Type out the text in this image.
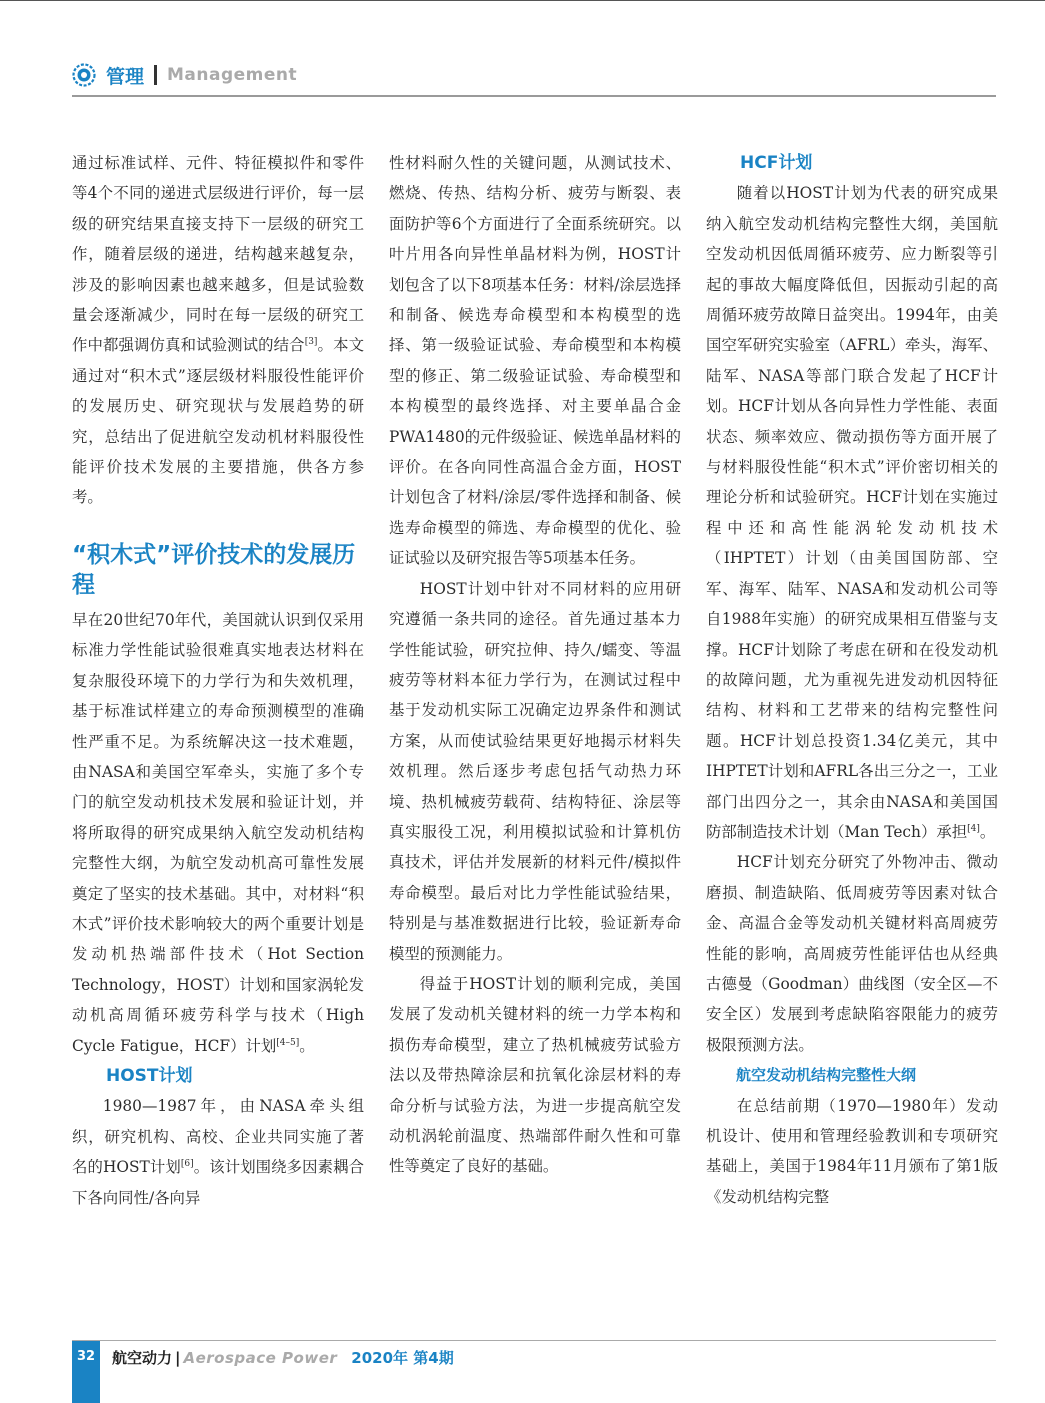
管理 Management

通过标准试样、元件、特征模拟件和零件等4个不同的递进式层级进行评价，每一层级的研究结果直接支持下一层级的研究工作，随着层级的递进，结构越来越复杂，涉及的影响因素也越来越多，但是试验数量会逐渐减少，同时在每一层级的研究工作中都强调仿真和试验测试的结合[3]。本文通过对“积木式”逐层级材料服役性能评价的发展历史、研究现状与发展趋势的研究，总结出了促进航空发动机材料服役性能评价技术发展的主要措施，供各方参考。

“积木式”评价技术的发展历程

早在20世纪70年代，美国就认识到仅采用标准力学性能试验很难真实地表达材料在复杂服役环境下的力学行为和失效机理，基于标准试样建立的寿命预测模型的准确性严重不足。为系统解决这一技术难题，由NASA和美国空军牵头，实施了多个专门的航空发动机技术发展和验证计划，并将所取得的研究成果纳入航空发动机结构完整性大纲，为航空发动机高可靠性发展奠定了坚实的技术基础。其中，对材料“积木式”评价技术影响较大的两个重要计划是发动机热端部件技术（Hot Section Technology，HOST）计划和国家涡轮发动机高周循环疲劳科学与技术（High Cycle Fatigue，HCF）计划[4–5]。

HOST计划

1980—1987年，由NASA牵头组织，研究机构、高校、企业共同实施了著名的HOST计划[6]。该计划围绕多因素耦合下各向同性/各向异

性材料耐久性的关键问题，从测试技术、燃烧、传热、结构分析、疲劳与断裂、表面防护等6个方面进行了全面系统研究。以叶片用各向异性单晶材料为例，HOST计划包含了以下8项基本任务：材料/涂层选择和制备、候选寿命模型和本构模型的选择、第一级验证试验、寿命模型和本构模型的修正、第二级验证试验、寿命模型和本构模型的最终选择、对主要单晶合金PWA1480的元件级验证、候选单晶材料的评价。在各向同性高温合金方面，HOST计划包含了材料/涂层/零件选择和制备、候选寿命模型的筛选、寿命模型的优化、验证试验以及研究报告等5项基本任务。

HOST计划中针对不同材料的应用研究遵循一条共同的途径。首先通过基本力学性能试验，研究拉伸、持久/蠕变、等温疲劳等材料本征力学行为，在测试过程中基于发动机实际工况确定边界条件和测试方案，从而使试验结果更好地揭示材料失效机理。然后逐步考虑包括气动热力环境、热机械疲劳载荷、结构特征、涂层等真实服役工况，利用模拟试验和计算机仿真技术，评估并发展新的材料元件/模拟件寿命模型。最后对比力学性能试验结果，特别是与基准数据进行比较，验证新寿命模型的预测能力。

得益于HOST计划的顺利完成，美国发展了发动机关键材料的统一力学本构和损伤寿命模型，建立了热机械疲劳试验方法以及带热障涂层和抗氧化涂层材料的寿命分析与试验方法，为进一步提高航空发动机涡轮前温度、热端部件耐久性和可靠性等奠定了良好的基础。

HCF计划

随着以HOST计划为代表的研究成果纳入航空发动机结构完整性大纲，美国航空发动机因低周循环疲劳、应力断裂等引起的事故大幅度降低但，因振动引起的高周循环疲劳故障日益突出。1994年，由美国空军研究实验室（AFRL）牵头，海军、陆军、NASA等部门联合发起了HCF计划。HCF计划从各向异性力学性能、表面状态、频率效应、微动损伤等方面开展了与材料服役性能“积木式”评价密切相关的理论分析和试验研究。HCF计划在实施过程中还和高性能涡轮发动机技术（IHPTET）计划（由美国国防部、空军、海军、陆军、NASA和发动机公司等自1988年实施）的研究成果相互借鉴与支撑。HCF计划除了考虑在研和在役发动机的故障问题，尤为重视先进发动机因特征结构、材料和工艺带来的结构完整性问题。HCF计划总投资1.34亿美元，其中IHPTET计划和AFRL各出三分之一，工业部门出四分之一，其余由NASA和美国国防部制造技术计划（Man Tech）承担[4]。

HCF计划充分研究了外物冲击、微动磨损、制造缺陷、低周疲劳等因素对钛合金、高温合金等发动机关键材料高周疲劳性能的影响，高周疲劳性能评估也从经典古德曼（Goodman）曲线图（安全区—不安全区）发展到考虑缺陷容限能力的疲劳极限预测方法。

航空发动机结构完整性大纲

在总结前期（1970—1980年）发动机设计、使用和管理经验教训和专项研究基础上，美国于1984年11月颁布了第1版《发动机结构完整

32	航空动力 | Aerospace Power 2020年 第4期
